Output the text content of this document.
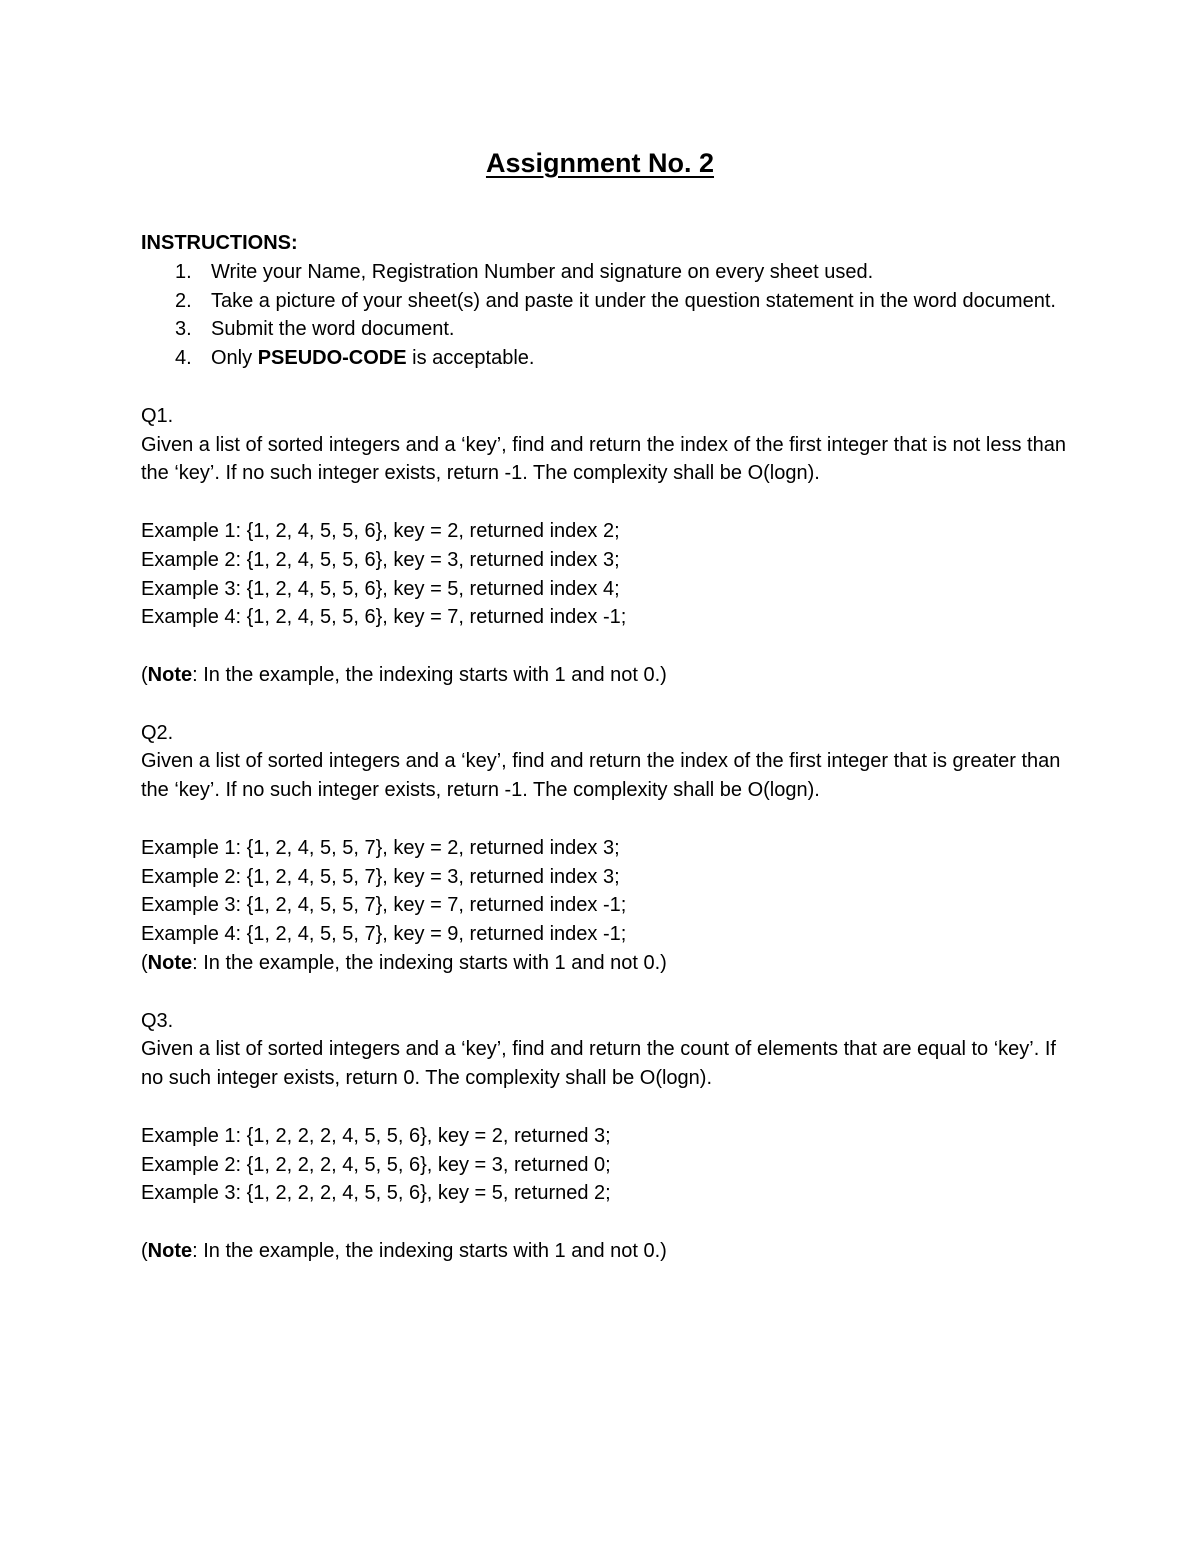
Assignment No. 2
INSTRUCTIONS:
1. Write your Name, Registration Number and signature on every sheet used.
2. Take a picture of your sheet(s) and paste it under the question statement in the word document.
3. Submit the word document.
4. Only PSEUDO-CODE is acceptable.
Q1.
Given a list of sorted integers and a ‘key’, find and return the index of the first integer that is not less than the ‘key’. If no such integer exists, return -1. The complexity shall be O(logn).
Example 1: {1, 2, 4, 5, 5, 6}, key = 2, returned index 2;
Example 2: {1, 2, 4, 5, 5, 6}, key = 3, returned index 3;
Example 3: {1, 2, 4, 5, 5, 6}, key = 5, returned index 4;
Example 4: {1, 2, 4, 5, 5, 6}, key = 7, returned index -1;
(Note: In the example, the indexing starts with 1 and not 0.)
Q2.
Given a list of sorted integers and a ‘key’, find and return the index of the first integer that is greater than the ‘key’. If no such integer exists, return -1. The complexity shall be O(logn).
Example 1: {1, 2, 4, 5, 5, 7}, key = 2, returned index 3;
Example 2: {1, 2, 4, 5, 5, 7}, key = 3, returned index 3;
Example 3: {1, 2, 4, 5, 5, 7}, key = 7, returned index -1;
Example 4: {1, 2, 4, 5, 5, 7}, key = 9, returned index -1;
(Note: In the example, the indexing starts with 1 and not 0.)
Q3.
Given a list of sorted integers and a ‘key’, find and return the count of elements that are equal to ‘key’. If no such integer exists, return 0. The complexity shall be O(logn).
Example 1: {1, 2, 2, 2, 4, 5, 5, 6}, key = 2, returned 3;
Example 2: {1, 2, 2, 2, 4, 5, 5, 6}, key = 3, returned 0;
Example 3: {1, 2, 2, 2, 4, 5, 5, 6}, key = 5, returned 2;
(Note: In the example, the indexing starts with 1 and not 0.)
